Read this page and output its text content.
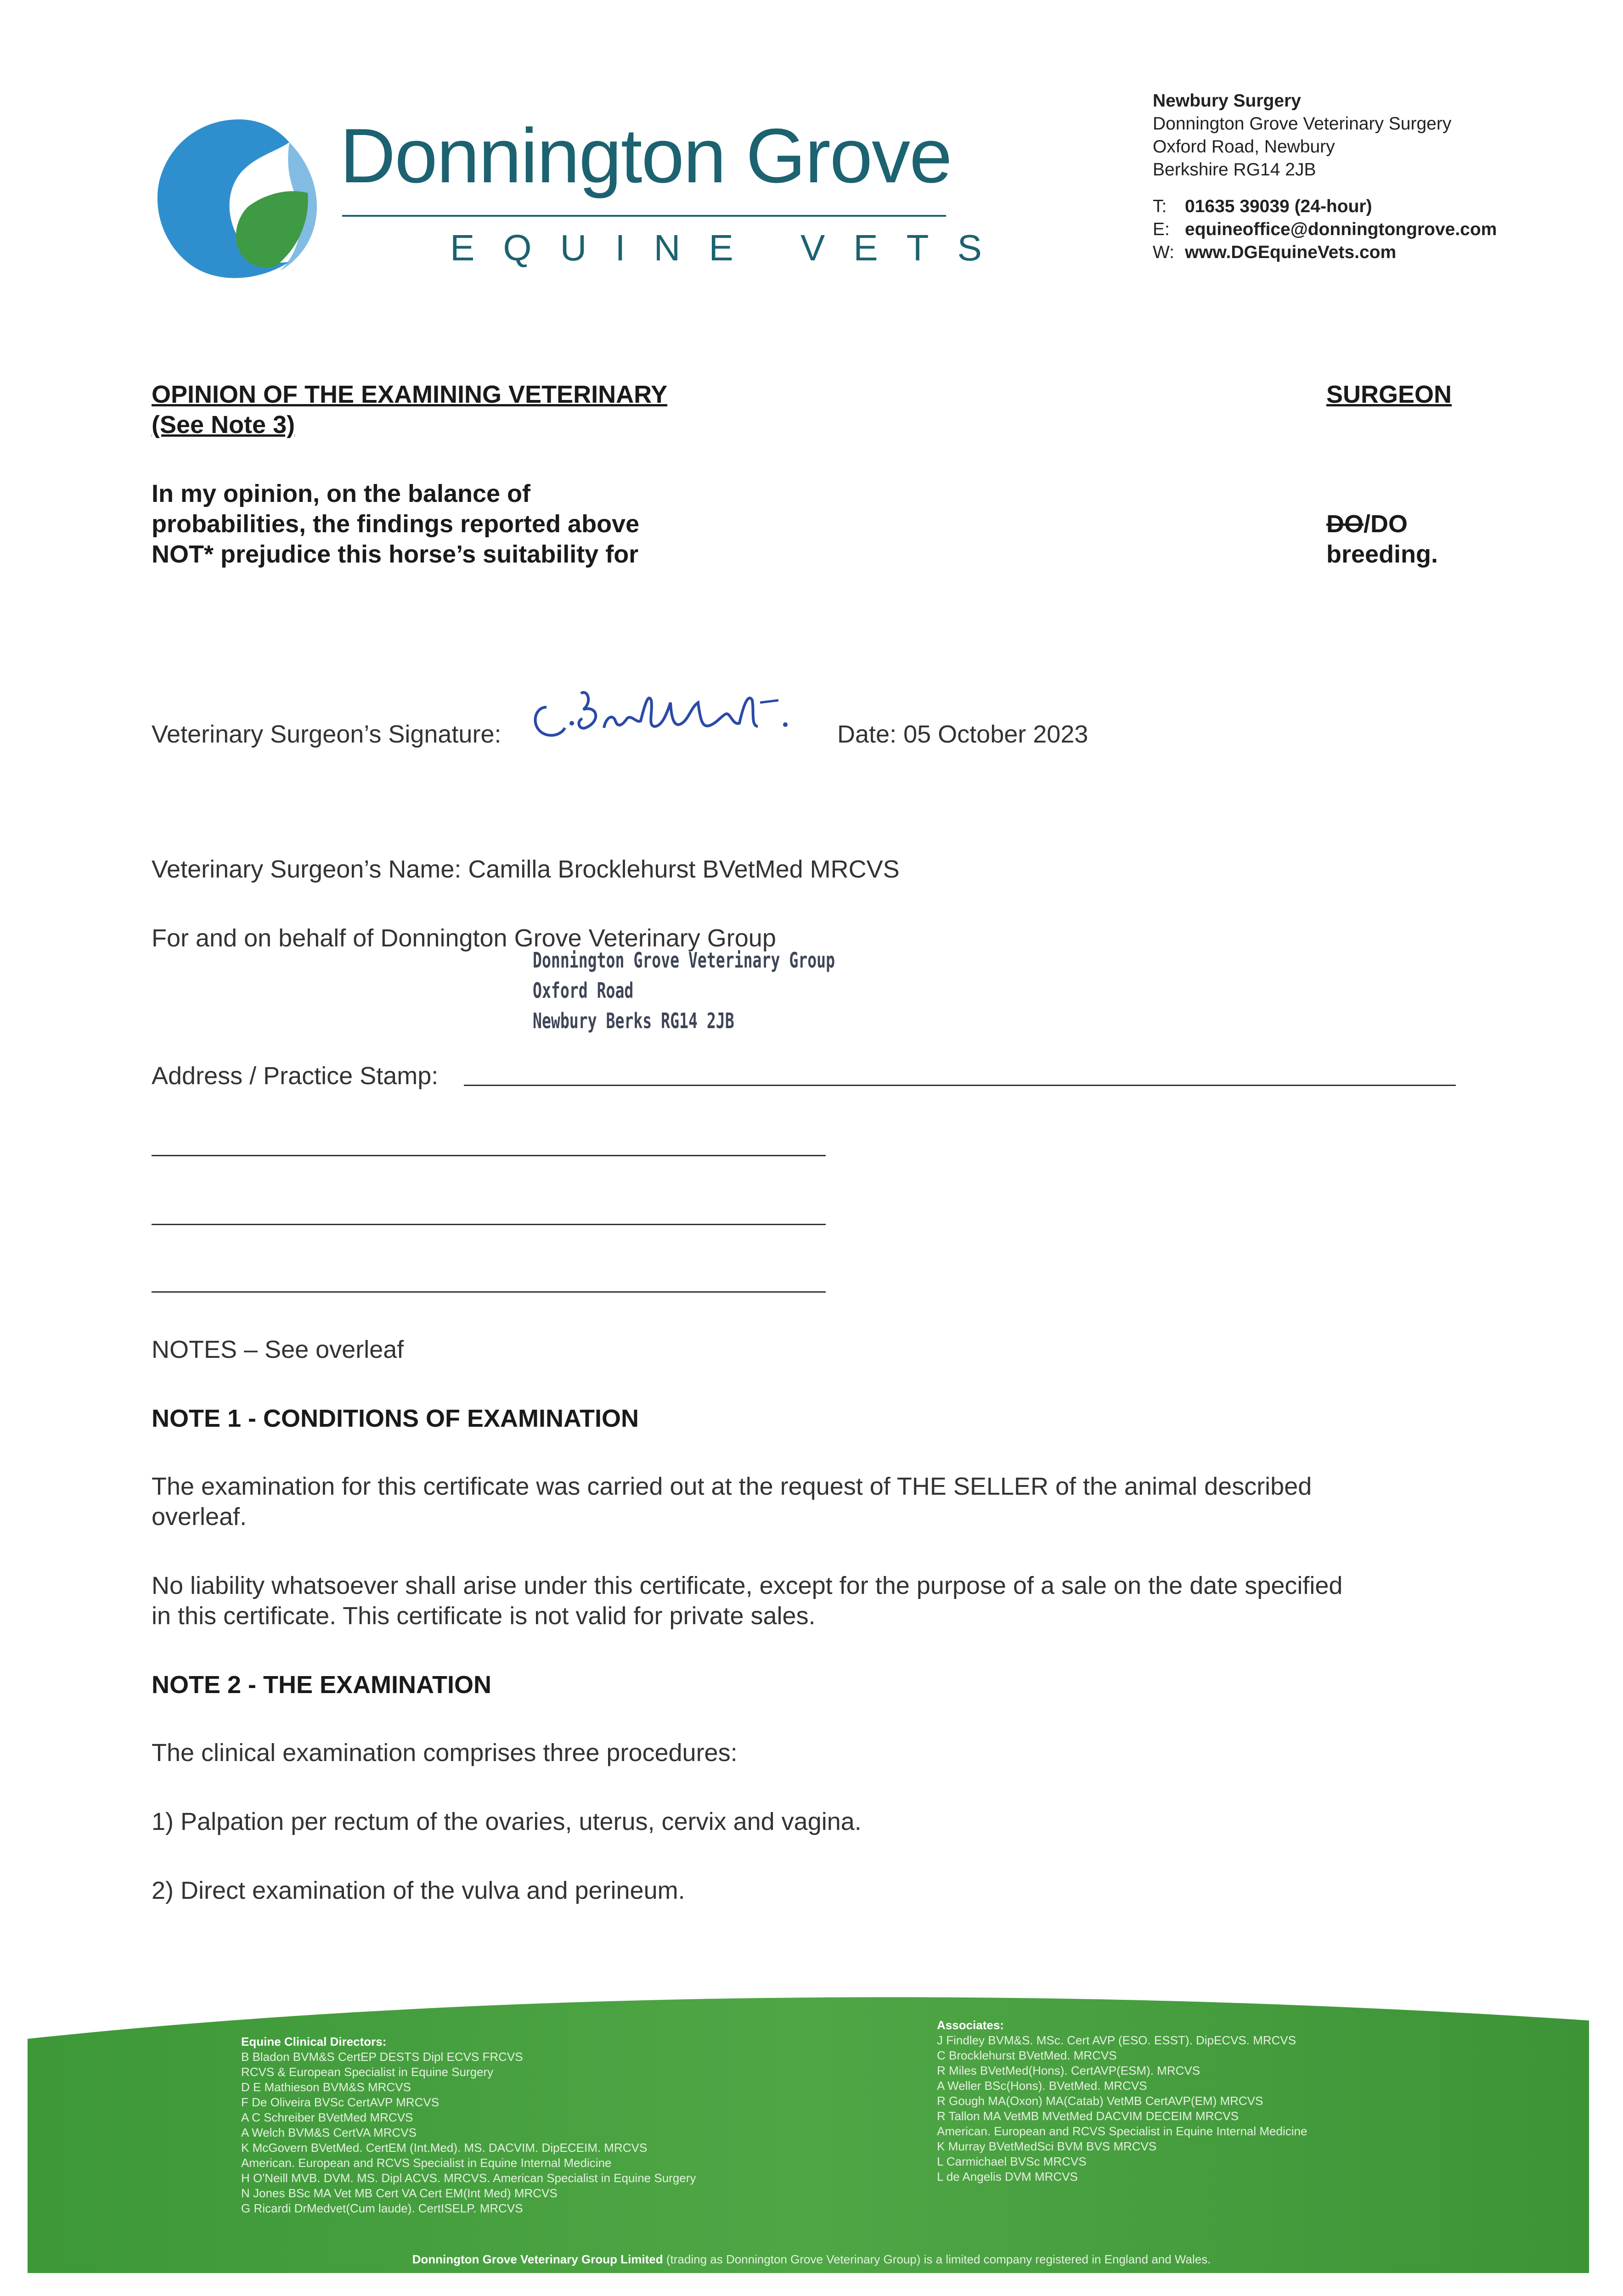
Donnington Grove
EQUINE VETS
Newbury Surgery
Donnington Grove Veterinary Surgery
Oxford Road, Newbury
Berkshire RG14 2JB
T: 01635 39039 (24-hour)
E: equineoffice@donningtongrove.com
W: www.DGEquineVets.com
OPINION OF THE EXAMINING VETERINARY	SURGEON
(See Note 3)
In my opinion, on the balance of
probabilities, the findings reported above
NOT* prejudice this horse’s suitability for
DO/DO
breeding.
Veterinary Surgeon’s Signature:	Date: 05 October 2023
Veterinary Surgeon’s Name: Camilla Brocklehurst BVetMed MRCVS
For and on behalf of Donnington Grove Veterinary Group
Donnington Grove Veterinary Group
Oxford Road
Newbury Berks RG14 2JB
Address / Practice Stamp:
NOTES – See overleaf
NOTE 1 - CONDITIONS OF EXAMINATION
The examination for this certificate was carried out at the request of THE SELLER of the animal described
overleaf.
No liability whatsoever shall arise under this certificate, except for the purpose of a sale on the date specified
in this certificate. This certificate is not valid for private sales.
NOTE 2 - THE EXAMINATION
The clinical examination comprises three procedures:
1) Palpation per rectum of the ovaries, uterus, cervix and vagina.
2) Direct examination of the vulva and perineum.
Equine Clinical Directors:
B Bladon BVM&S CertEP DESTS Dipl ECVS FRCVS
RCVS & European Specialist in Equine Surgery
D E Mathieson BVM&S MRCVS
F De Oliveira BVSc CertAVP MRCVS
A C Schreiber BVetMed MRCVS
A Welch BVM&S CertVA MRCVS
K McGovern BVetMed. CertEM (Int.Med). MS. DACVIM. DipECEIM. MRCVS
American. European and RCVS Specialist in Equine Internal Medicine
H O'Neill MVB. DVM. MS. Dipl ACVS. MRCVS. American Specialist in Equine Surgery
N Jones BSc MA Vet MB Cert VA Cert EM(Int Med) MRCVS
G Ricardi DrMedvet(Cum laude). CertISELP. MRCVS
Associates:
J Findley BVM&S. MSc. Cert AVP (ESO. ESST). DipECVS. MRCVS
C Brocklehurst BVetMed. MRCVS
R Miles BVetMed(Hons). CertAVP(ESM). MRCVS
A Weller BSc(Hons). BVetMed. MRCVS
R Gough MA(Oxon) MA(Catab) VetMB CertAVP(EM) MRCVS
R Tallon MA VetMB MVetMed DACVIM DECEIM MRCVS
American. European and RCVS Specialist in Equine Internal Medicine
K Murray BVetMedSci BVM BVS MRCVS
L Carmichael BVSc MRCVS
L de Angelis DVM MRCVS
Donnington Grove Veterinary Group Limited (trading as Donnington Grove Veterinary Group) is a limited company registered in England and Wales.
